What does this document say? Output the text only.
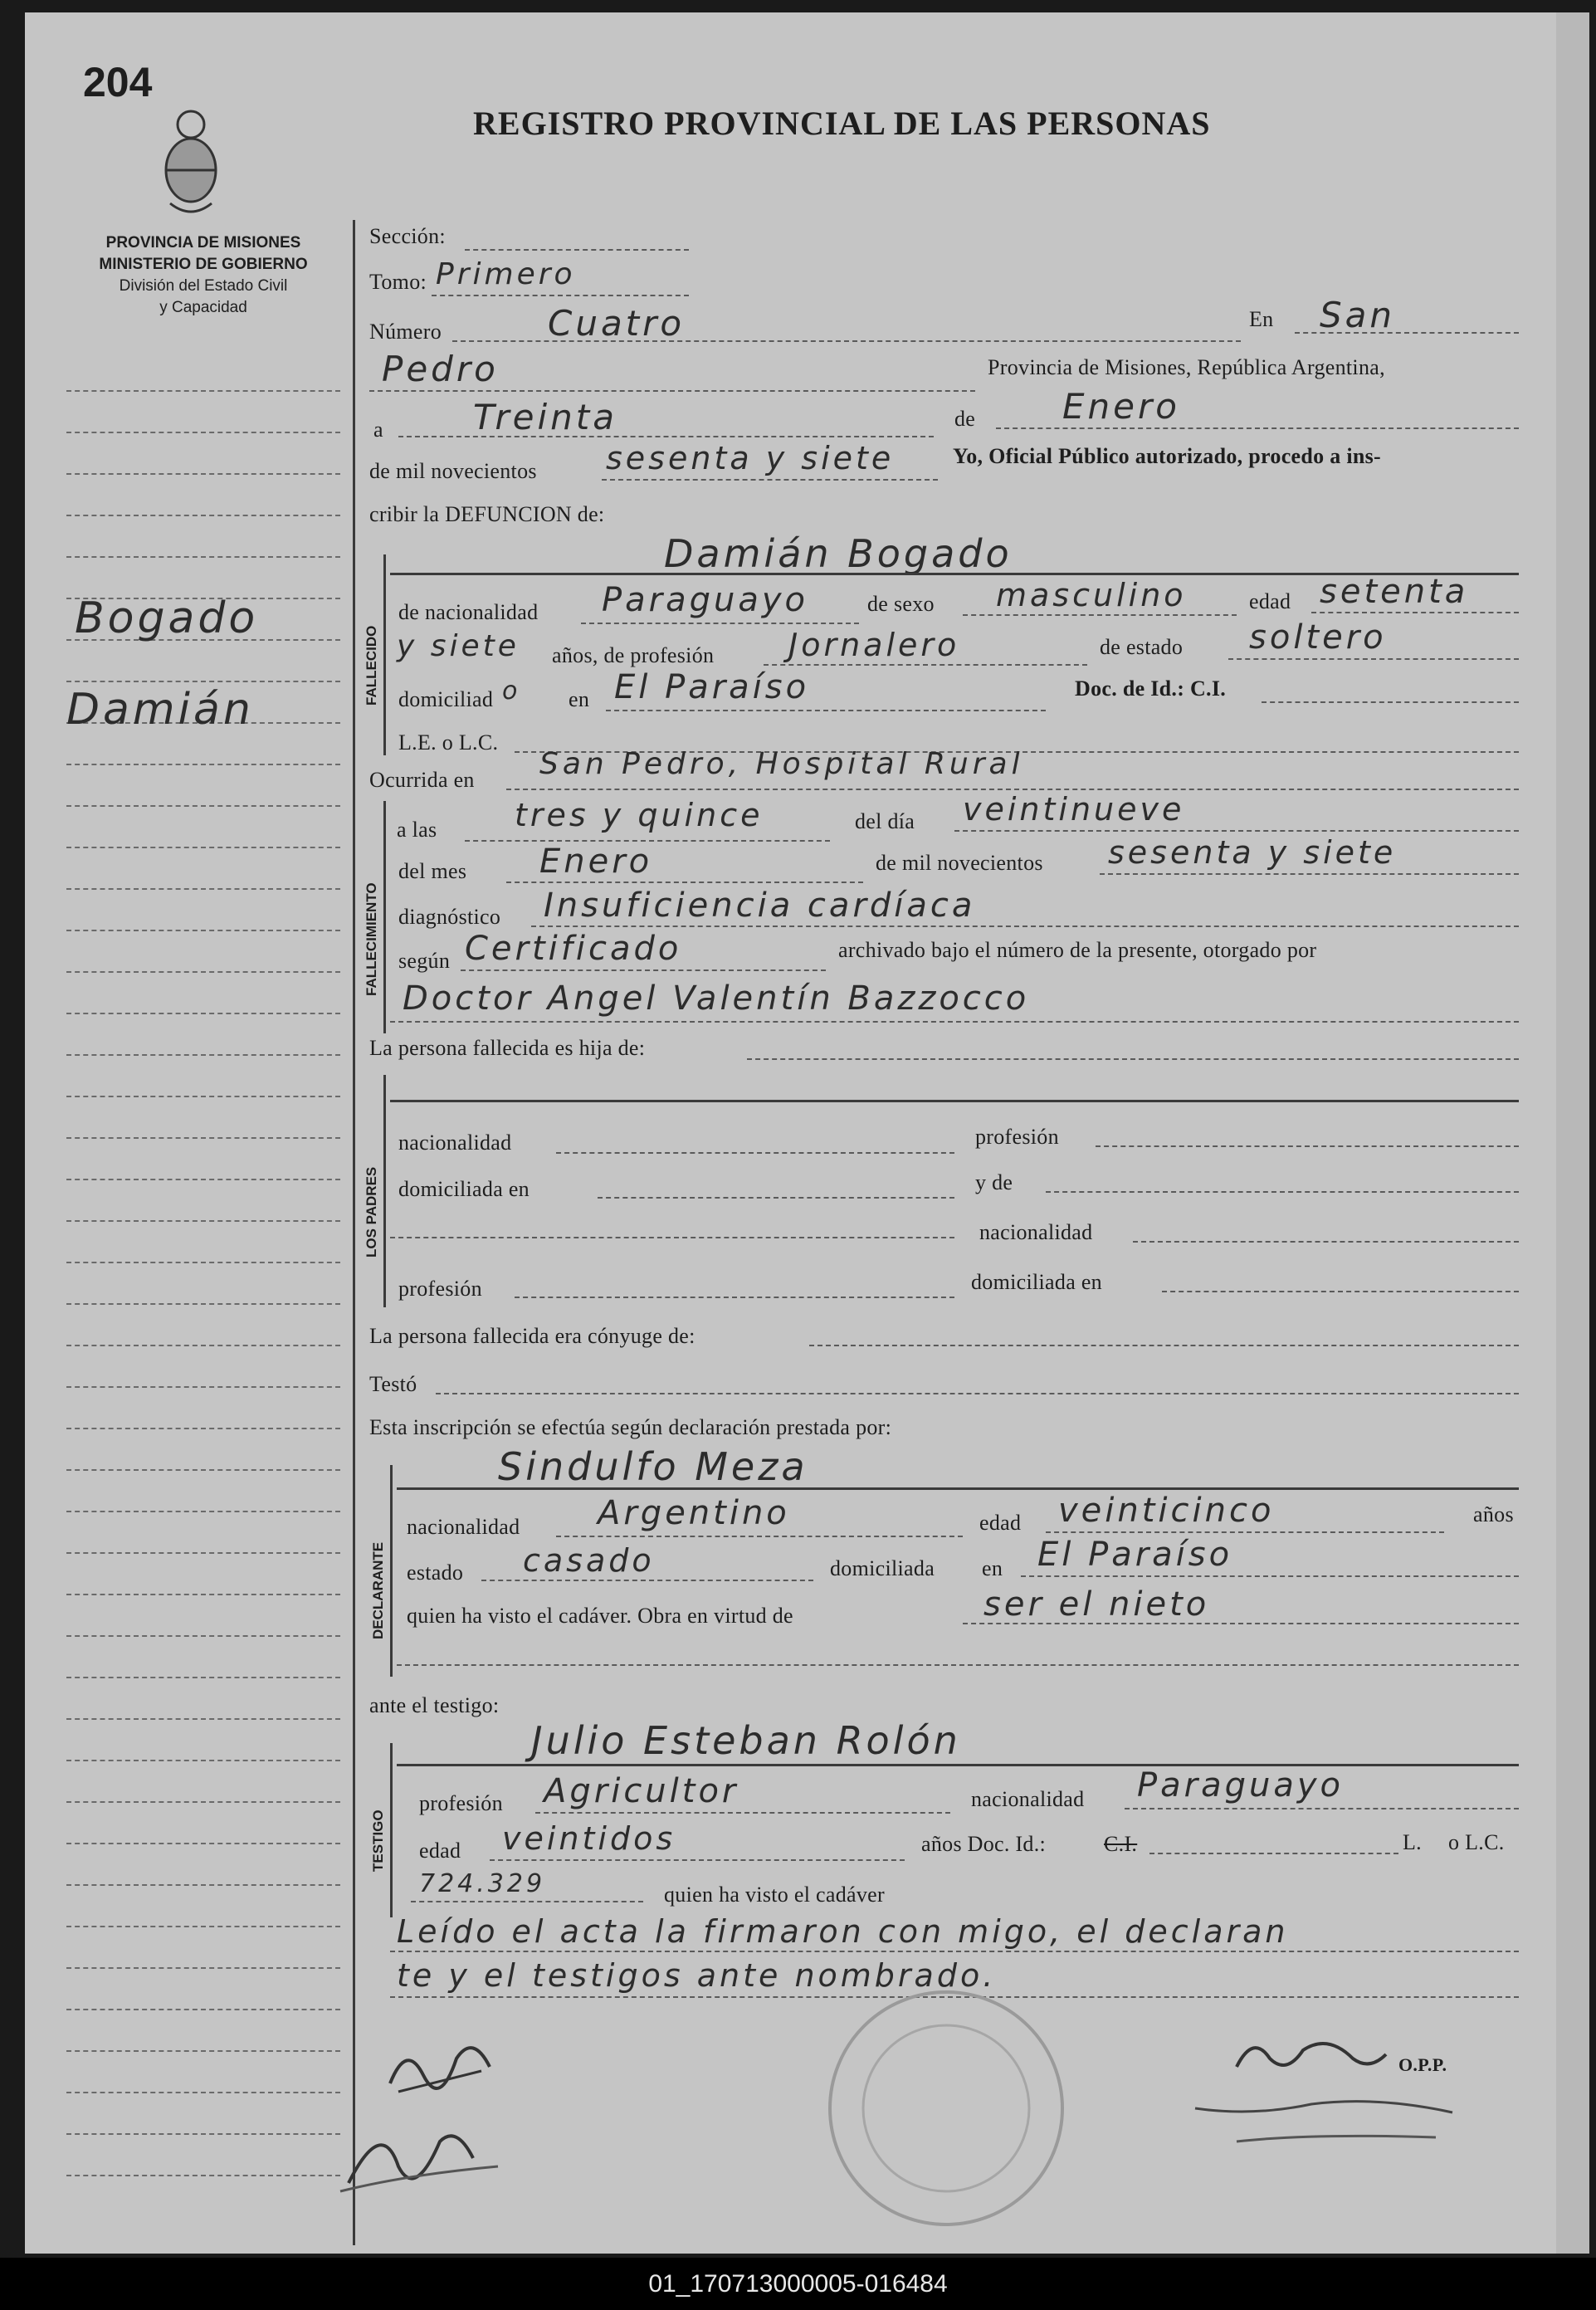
204
REGISTRO PROVINCIAL DE LAS PERSONAS
PROVINCIA DE MISIONES
MINISTERIO DE GOBIERNO
División del Estado Civil
y Capacidad
Bogado
Damián
Sección:
Tomo: Primero
Número	Cuatro	En San
Pedro	Provincia de Misiones, República Argentina,
a	Treinta	de Enero
de mil novecientos sesenta y siete	Yo, Oficial Público autorizado, procedo a ins-
cribir la DEFUNCION de:
FALLECIDO
Damián Bogado
de nacionalidad Paraguayo	de sexo masculino	edad setenta
y siete años, de profesión Jornalero	de estado soltero
domiciliad o en El Paraíso	Doc. de Id.: C.I.
L.E. o L.C.
Ocurrida en San Pedro, Hospital Rural
FALLECIMIENTO
a las tres y quince	del día veintinueve
del mes Enero	de mil novecientos sesenta y siete
diagnóstico Insuficiencia cardíaca
según Certificado	archivado bajo el número de la presente, otorgado por
Doctor Angel Valentín Bazzocco
La persona fallecida es hija de:
LOS PADRES
nacionalidad	profesión
domiciliada en	y de
nacionalidad
profesión	domiciliada en
La persona fallecida era cónyuge de:
Testó
Esta inscripción se efectúa según declaración prestada por:
DECLARANTE
Sindulfo Meza
nacionalidad Argentino	edad veinticinco	años
estado casado	domiciliada en El Paraíso
quien ha visto el cadáver. Obra en virtud de	ser el nieto
ante el testigo:
TESTIGO
Julio Esteban Rolón
profesión Agricultor	nacionalidad Paraguayo
edad veintidos	años Doc. Id.:	C.I.	L. o L.C.
724.329	quien ha visto el cadáver
Leído el acta la firmaron con migo, el declaran
te y el testigos ante nombrado.
O.P.P.
01_170713000005-016484
